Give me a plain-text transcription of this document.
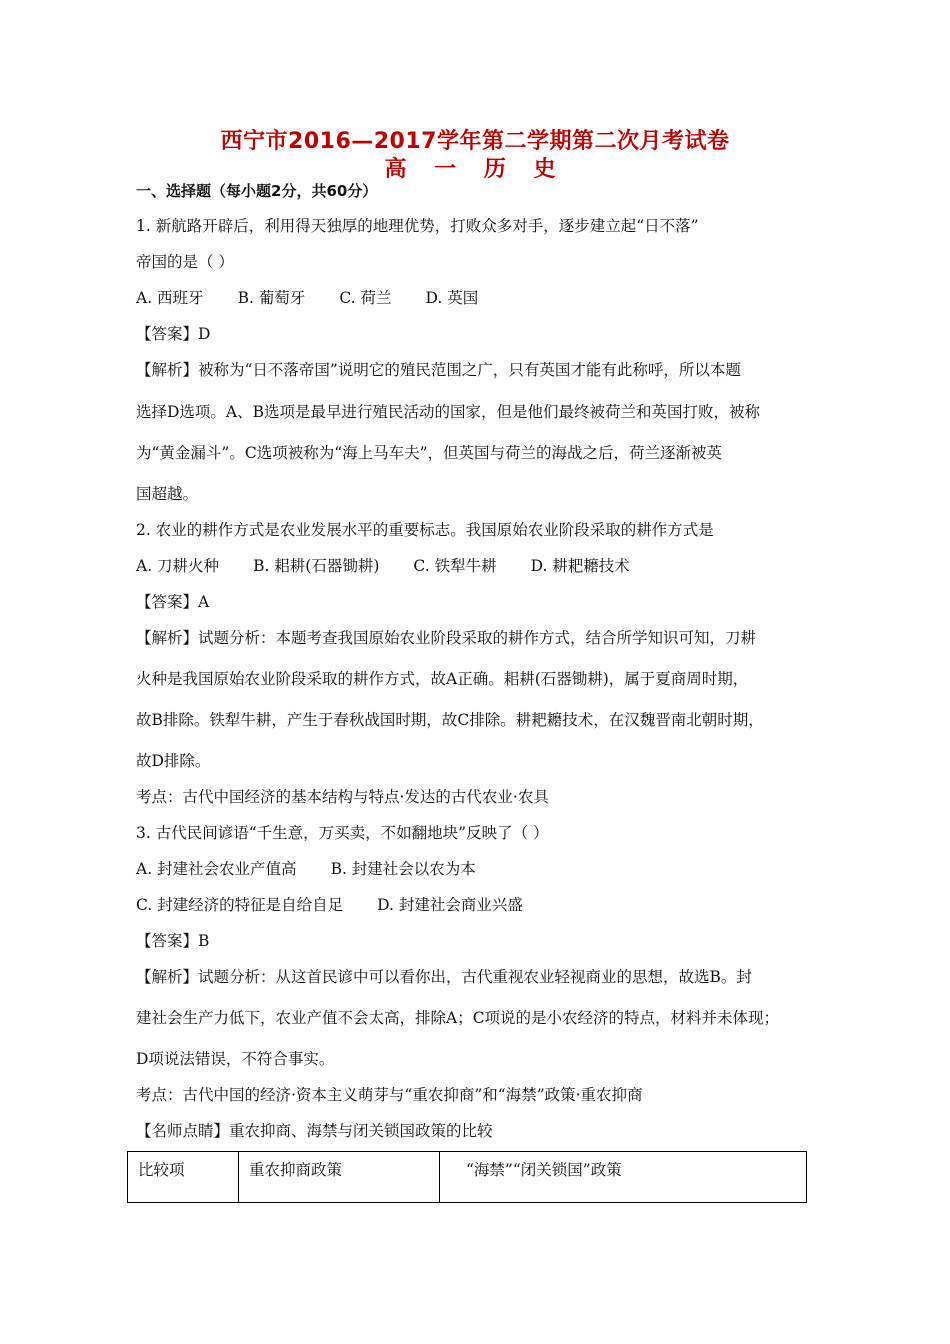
西宁市2016—2017学年第二学期第二次月考试卷
高 一 历 史
一、选择题（每小题2分，共60分）
1. 新航路开辟后，利用得天独厚的地理优势，打败众多对手，逐步建立起“日不落”
帝国的是（ ）
A. 西班牙 B. 葡萄牙 C. 荷兰 D. 英国
【答案】D
【解析】被称为“日不落帝国”说明它的殖民范围之广，只有英国才能有此称呼，所以本题
选择D选项。A、B选项是最早进行殖民活动的国家，但是他们最终被荷兰和英国打败，被称
为“黄金漏斗”。C选项被称为“海上马车夫”，但英国与荷兰的海战之后，荷兰逐渐被英
国超越。
2. 农业的耕作方式是农业发展水平的重要标志。我国原始农业阶段采取的耕作方式是
A. 刀耕火种 B. 耜耕(石器锄耕) C. 铁犁牛耕 D. 耕耙耱技术
【答案】A
【解析】试题分析：本题考查我国原始农业阶段采取的耕作方式，结合所学知识可知，刀耕
火种是我国原始农业阶段采取的耕作方式，故A正确。耜耕(石器锄耕)，属于夏商周时期，
故B排除。铁犁牛耕，产生于春秋战国时期，故C排除。耕耙耱技术，在汉魏晋南北朝时期，
故D排除。
考点：古代中国经济的基本结构与特点·发达的古代农业·农具
3. 古代民间谚语“千生意，万买卖，不如翻地块”反映了（ ）
A. 封建社会农业产值高 B. 封建社会以农为本
C. 封建经济的特征是自给自足 D. 封建社会商业兴盛
【答案】B
【解析】试题分析：从这首民谚中可以看你出，古代重视农业轻视商业的思想，故选B。封
建社会生产力低下，农业产值不会太高，排除A；C项说的是小农经济的特点，材料并未体现；
D项说法错误，不符合事实。
考点：古代中国的经济·资本主义萌芽与“重农抑商”和“海禁”政策·重农抑商
【名师点睛】重农抑商、海禁与闭关锁国政策的比较
比较项	重农抑商政策	“海禁”“闭关锁国”政策
